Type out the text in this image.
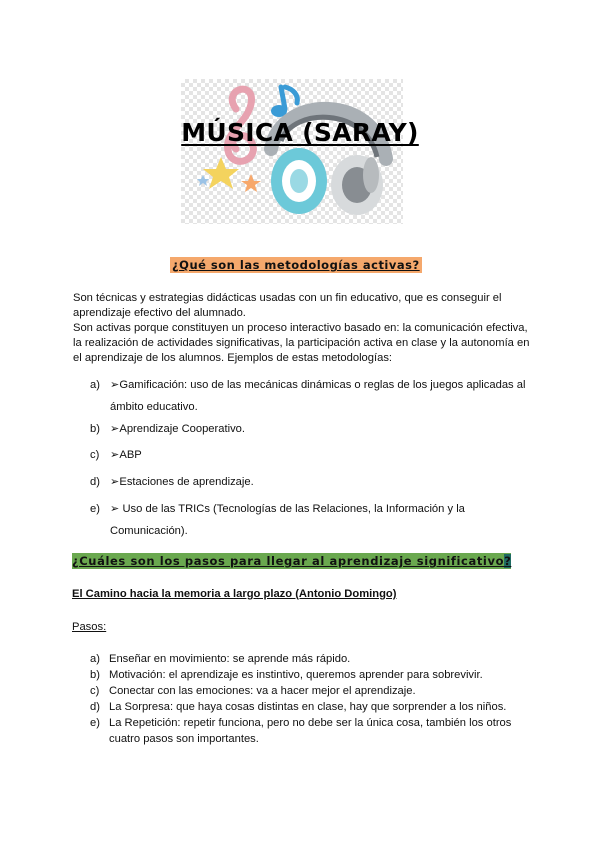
MÚSICA (SARAY)
¿Qué son las metodologías activas?

Son técnicas y estrategias didácticas usadas con un fin educativo, que es conseguir el aprendizaje efectivo del alumnado.

Son activas porque constituyen un proceso interactivo basado en: la comunicación efectiva, la realización de actividades significativas, la participación activa en clase y la autonomía en el aprendizaje de los alumnos. Ejemplos de estas metodologías:

a) ➢Gamificación: uso de las mecánicas dinámicas o reglas de los juegos aplicadas al ámbito educativo.
b) ➢Aprendizaje Cooperativo.
c) ➢ABP
d) ➢Estaciones de aprendizaje.
e) ➢ Uso de las TRICs (Tecnologías de las Relaciones, la Información y la Comunicación).
¿Cuáles son los pasos para llegar al aprendizaje significativo?
El Camino hacia la memoria a largo plazo (Antonio Domingo)
Pasos:
a) Enseñar en movimiento: se aprende más rápido.
b) Motivación: el aprendizaje es instintivo, queremos aprender para sobrevivir.
c) Conectar con las emociones: va a hacer mejor el aprendizaje.
d) La Sorpresa: que haya cosas distintas en clase, hay que sorprender a los niños.
e) La Repetición: repetir funciona, pero no debe ser la única cosa, también los otros cuatro pasos son importantes.
